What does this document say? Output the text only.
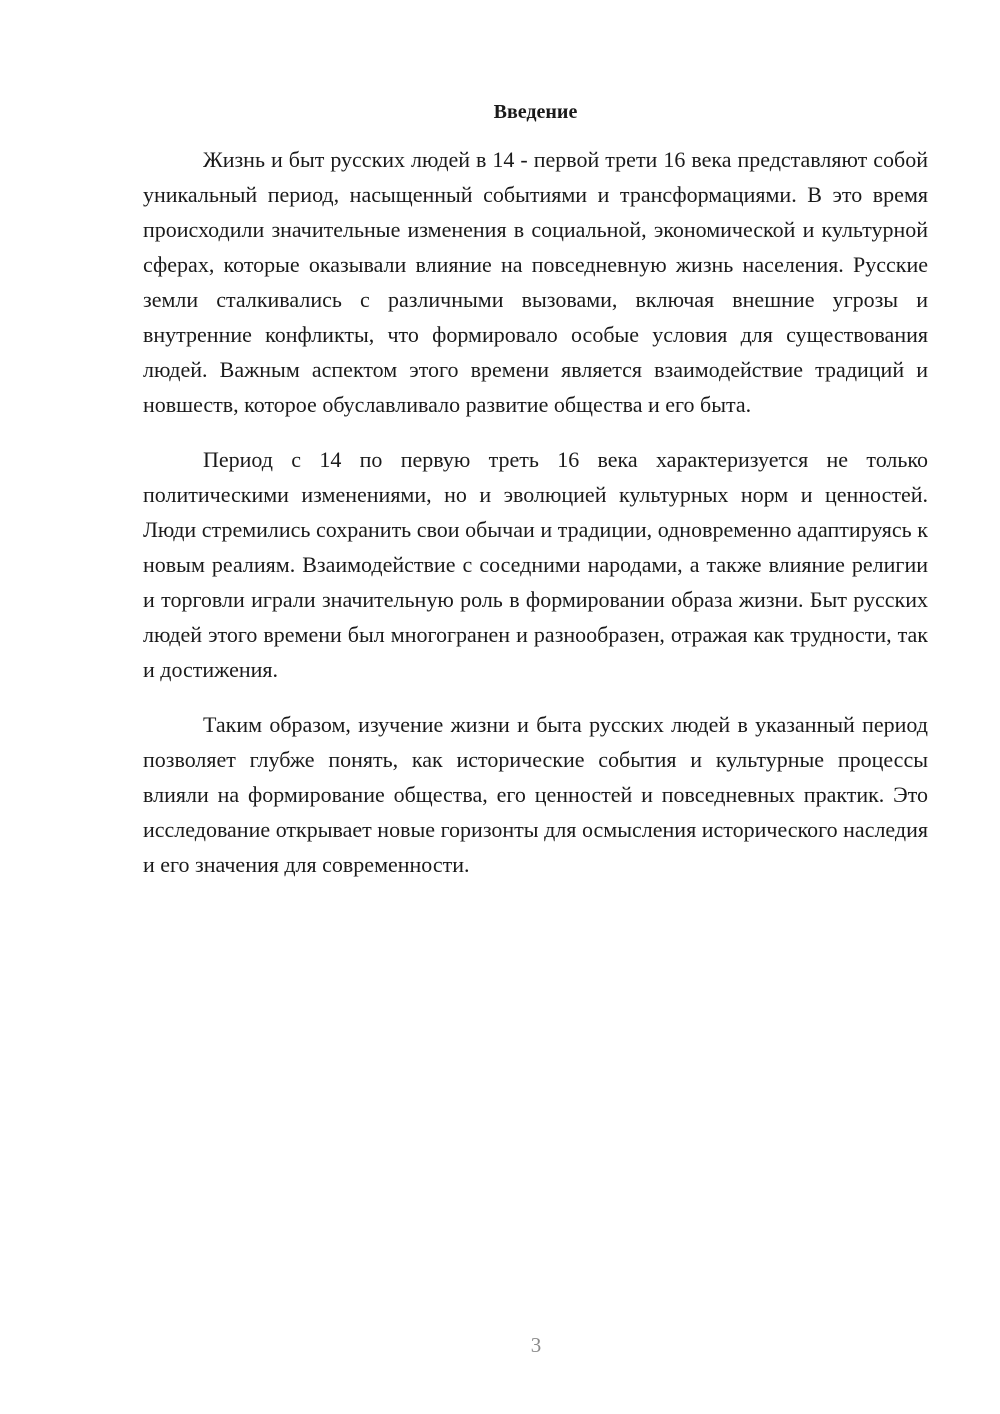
Введение

Жизнь и быт русских людей в 14 - первой трети 16 века представляют собой уникальный период, насыщенный событиями и трансформациями. В это время происходили значительные изменения в социальной, экономической и культурной сферах, которые оказывали влияние на повседневную жизнь населения. Русские земли сталкивались с различными вызовами, включая внешние угрозы и внутренние конфликты, что формировало особые условия для существования людей. Важным аспектом этого времени является взаимодействие традиций и новшеств, которое обуславливало развитие общества и его быта.

Период с 14 по первую треть 16 века характеризуется не только политическими изменениями, но и эволюцией культурных норм и ценностей. Люди стремились сохранить свои обычаи и традиции, одновременно адаптируясь к новым реалиям. Взаимодействие с соседними народами, а также влияние религии и торговли играли значительную роль в формировании образа жизни. Быт русских людей этого времени был многогранен и разнообразен, отражая как трудности, так и достижения.

Таким образом, изучение жизни и быта русских людей в указанный период позволяет глубже понять, как исторические события и культурные процессы влияли на формирование общества, его ценностей и повседневных практик. Это исследование открывает новые горизонты для осмысления исторического наследия и его значения для современности.

3
